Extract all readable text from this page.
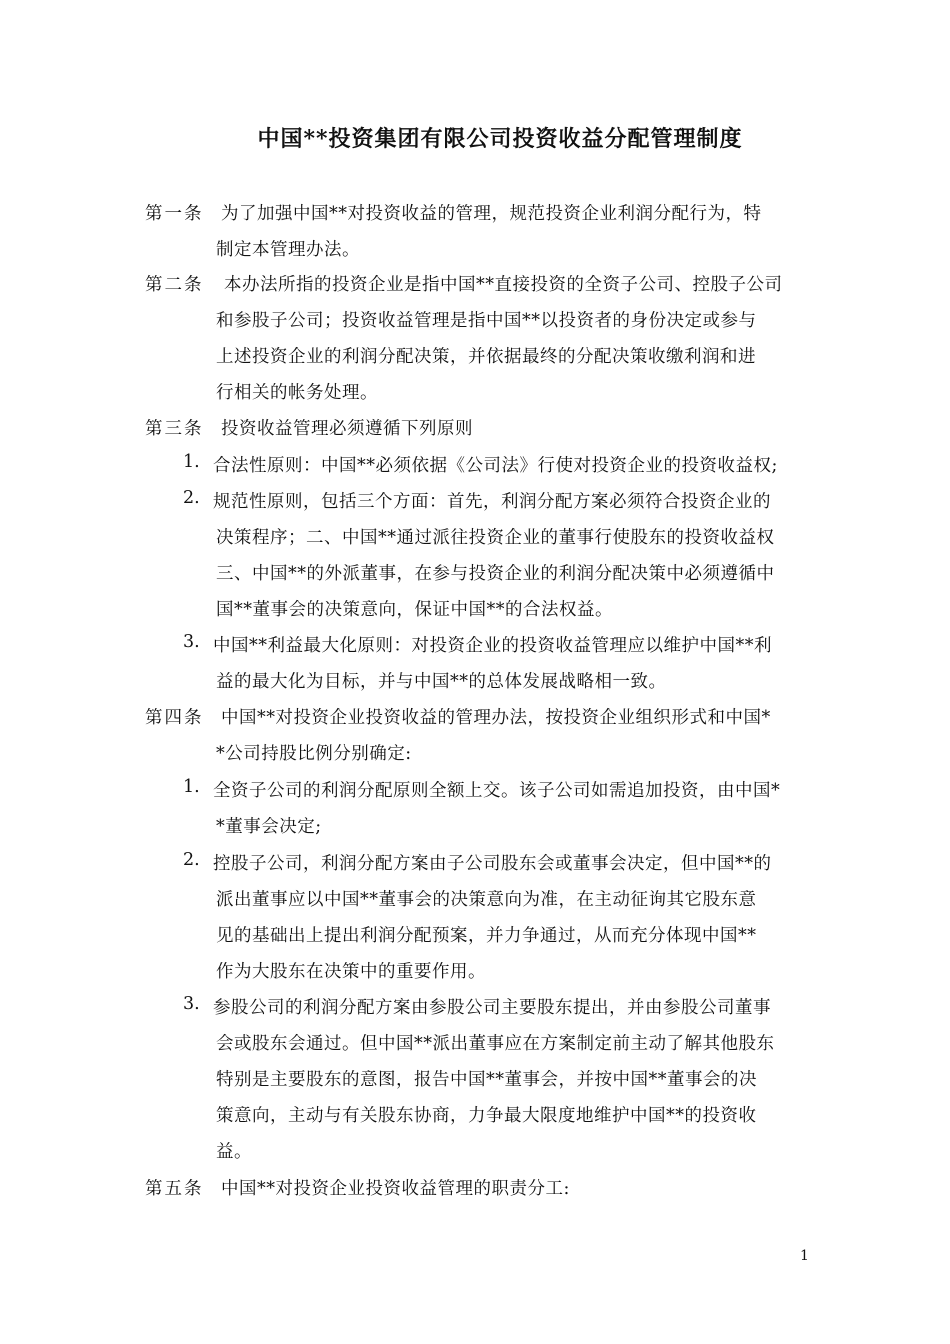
中国**投资集团有限公司投资收益分配管理制度
第一条 为了加强中国**对投资收益的管理，规范投资企业利润分配行为，特
制定本管理办法。
第二条 本办法所指的投资企业是指中国**直接投资的全资子公司、控股子公司
和参股子公司；投资收益管理是指中国**以投资者的身份决定或参与
上述投资企业的利润分配决策，并依据最终的分配决策收缴利润和进
行相关的帐务处理。
第三条 投资收益管理必须遵循下列原则
1. 合法性原则：中国**必须依据《公司法》行使对投资企业的投资收益权;
2. 规范性原则，包括三个方面：首先，利润分配方案必须符合投资企业的
决策程序；二、中国**通过派往投资企业的董事行使股东的投资收益权
三、中国**的外派董事，在参与投资企业的利润分配决策中必须遵循中
国**董事会的决策意向，保证中国**的合法权益。
3. 中国**利益最大化原则：对投资企业的投资收益管理应以维护中国**利
益的最大化为目标，并与中国**的总体发展战略相一致。
第四条 中国**对投资企业投资收益的管理办法，按投资企业组织形式和中国*
*公司持股比例分别确定:
1. 全资子公司的利润分配原则全额上交。该子公司如需追加投资，由中国*
*董事会决定;
2. 控股子公司，利润分配方案由子公司股东会或董事会决定，但中国**的
派出董事应以中国**董事会的决策意向为准，在主动征询其它股东意
见的基础出上提出利润分配预案，并力争通过，从而充分体现中国**
作为大股东在决策中的重要作用。
3. 参股公司的利润分配方案由参股公司主要股东提出，并由参股公司董事
会或股东会通过。但中国**派出董事应在方案制定前主动了解其他股东
特别是主要股东的意图，报告中国**董事会，并按中国**董事会的决
策意向，主动与有关股东协商，力争最大限度地维护中国**的投资收
益。
第五条 中国**对投资企业投资收益管理的职责分工:
1
